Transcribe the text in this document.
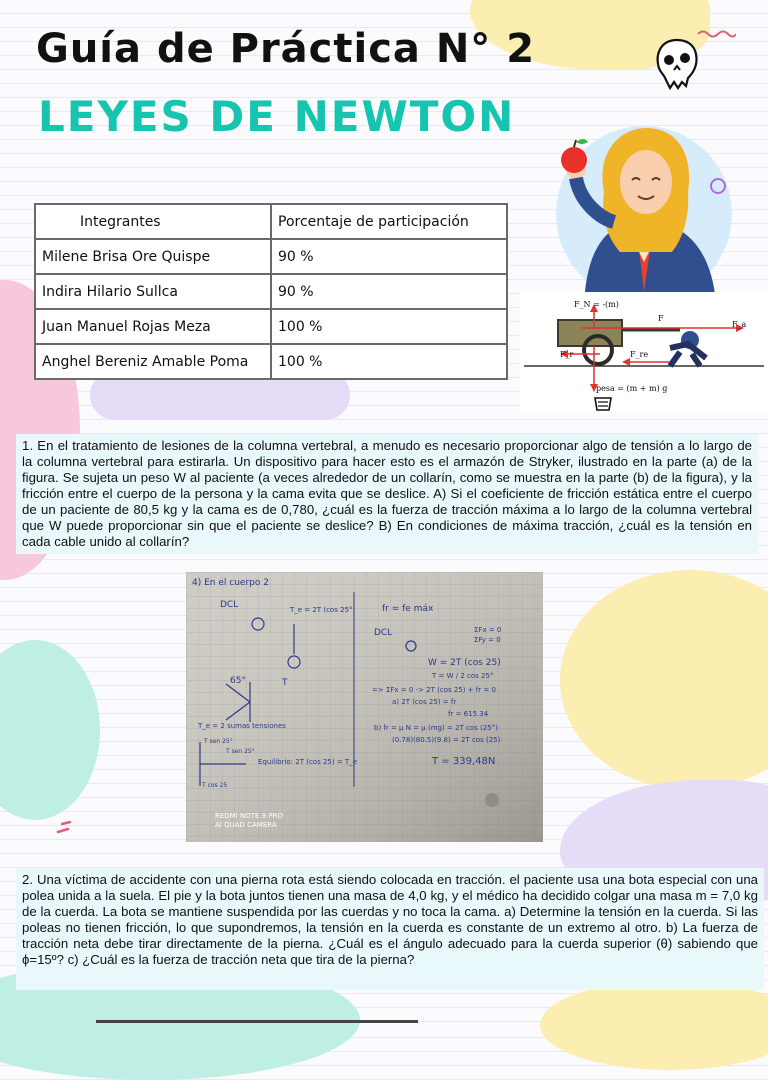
Guía de Práctica N° 2
LEYES DE NEWTON
Integrantes	Porcentaje de participación
Milene Brisa Ore Quispe	90 %
Indira Hilario Sullca	90 %
Juan Manuel Rojas Meza	100 %
Anghel Bereniz Amable Poma	100 %
F_N = -(m)
F
F_a
F_r	F_re
pesa = (m + m) g
1. En el tratamiento de lesiones de la columna vertebral, a menudo es necesario proporcionar algo de tensión a lo largo de la columna vertebral para estirarla. Un dispositivo para hacer esto es el armazón de Stryker, ilustrado en la parte (a) de la figura. Se sujeta un peso W al paciente (a veces alrededor de un collarín, como se muestra en la parte (b) de la figura), y la fricción entre el cuerpo de la persona y la cama evita que se deslice. A) Si el coeficiente de fricción estática entre el cuerpo de un paciente de 80,5 kg y la cama es de 0,780, ¿cuál es la fuerza de tracción máxima a lo largo de la columna vertebral que W puede proporcionar sin que el paciente se deslice? B) En condiciones de máxima tracción, ¿cuál es la tensión en cada cable unido al collarín?
4) En el cuerpo 2
DCL	T_e = 2T (cos 25°)	fr = fe máx
DCL	ΣFx = 0
ΣFy = 0
W = 2T (cos 25)
T = W / 2 cos 25°
=> ΣFx = 0 -> 2T (cos 25) + fr = 0
a) 2T (cos 25) = fr
fr = 615.34
b) fr = μ N = μ (mg) = 2T cos (25°)
(0.78)(80.5)(9.8) = 2T cos (25)
65°	T
T_e = 2 sumas tensiones
T sen 25°
T sen 25°
T cos 25
Equilibrio: 2T (cos 25) = T_e	T = 339,48N
REDMI NOTE 9 PRO
AI QUAD CAMERA
2. Una víctima de accidente con una pierna rota está siendo colocada en tracción. el paciente usa una bota especial con una polea unida a la suela. El pie y la bota juntos tienen una masa de 4,0 kg, y el médico ha decidido colgar una masa m = 7,0 kg de la cuerda. La bota se mantiene suspendida por las cuerdas y no toca la cama. a) Determine la tensión en la cuerda. Si las poleas no tienen fricción, lo que supondremos, la tensión en la cuerda es constante de un extremo al otro. b) La fuerza de tracción neta debe tirar directamente de la pierna. ¿Cuál es el ángulo adecuado para la cuerda superior (θ) sabiendo que ϕ=15º? c) ¿Cuál es la fuerza de tracción neta que tira de la pierna?
